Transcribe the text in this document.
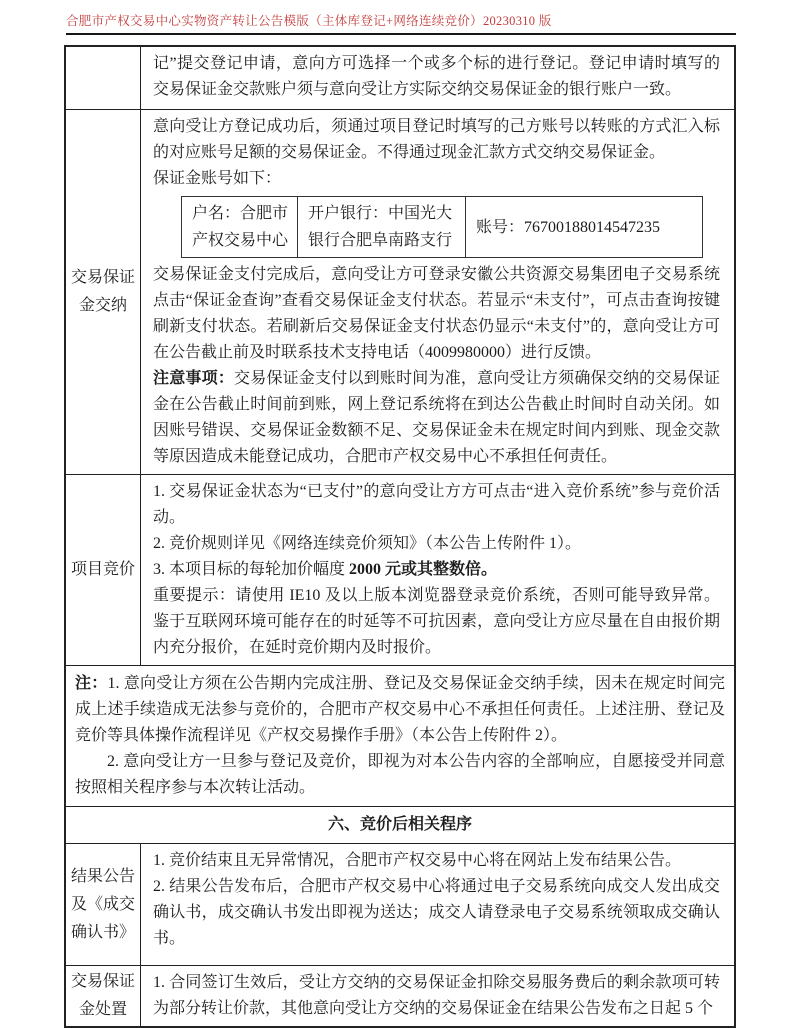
合肥市产权交易中心实物资产转让公告模版（主体库登记+网络连续竞价）20230310 版

记”提交登记申请，意向方可选择一个或多个标的进行登记。登记申请时填写的交易保证金交款账户须与意向受让方实际交纳交易保证金的银行账户一致。

交易保证金交纳

意向受让方登记成功后，须通过项目登记时填写的己方账号以转账的方式汇入标的对应账号足额的交易保证金。不得通过现金汇款方式交纳交易保证金。

保证金账号如下：

户名：合肥市产权交易中心
开户银行：中国光大银行合肥阜南路支行
账号：76700188014547235

交易保证金支付完成后，意向受让方可登录安徽公共资源交易集团电子交易系统点击“保证金查询”查看交易保证金支付状态。若显示“未支付”，可点击查询按键刷新支付状态。若刷新后交易保证金支付状态仍显示“未支付”的，意向受让方可在公告截止前及时联系技术支持电话（4009980000）进行反馈。

注意事项：交易保证金支付以到账时间为准，意向受让方须确保交纳的交易保证金在公告截止时间前到账，网上登记系统将在到达公告截止时间时自动关闭。如因账号错误、交易保证金数额不足、交易保证金未在规定时间内到账、现金交款等原因造成未能登记成功，合肥市产权交易中心不承担任何责任。

项目竞价

1. 交易保证金状态为“已支付”的意向受让方方可点击“进入竞价系统”参与竞价活动。

2. 竞价规则详见《网络连续竞价须知》（本公告上传附件 1）。

3. 本项目标的每轮加价幅度 2000 元或其整数倍。

重要提示：请使用 IE10 及以上版本浏览器登录竞价系统，否则可能导致异常。鉴于互联网环境可能存在的时延等不可抗因素，意向受让方应尽量在自由报价期内充分报价，在延时竞价期内及时报价。

注：1. 意向受让方须在公告期内完成注册、登记及交易保证金交纳手续，因未在规定时间完成上述手续造成无法参与竞价的，合肥市产权交易中心不承担任何责任。上述注册、登记及竞价等具体操作流程详见《产权交易操作手册》（本公告上传附件 2）。

2. 意向受让方一旦参与登记及竞价，即视为对本公告内容的全部响应，自愿接受并同意按照相关程序参与本次转让活动。

六、竞价后相关程序
结果公告及《成交确认书》

1. 竞价结束且无异常情况，合肥市产权交易中心将在网站上发布结果公告。

2. 结果公告发布后，合肥市产权交易中心将通过电子交易系统向成交人发出成交确认书，成交确认书发出即视为送达；成交人请登录电子交易系统领取成交确认书。

交易保证金处置

1. 合同签订生效后，受让方交纳的交易保证金扣除交易服务费后的剩余款项可转为部分转让价款，其他意向受让方交纳的交易保证金在结果公告发布之日起 5 个
